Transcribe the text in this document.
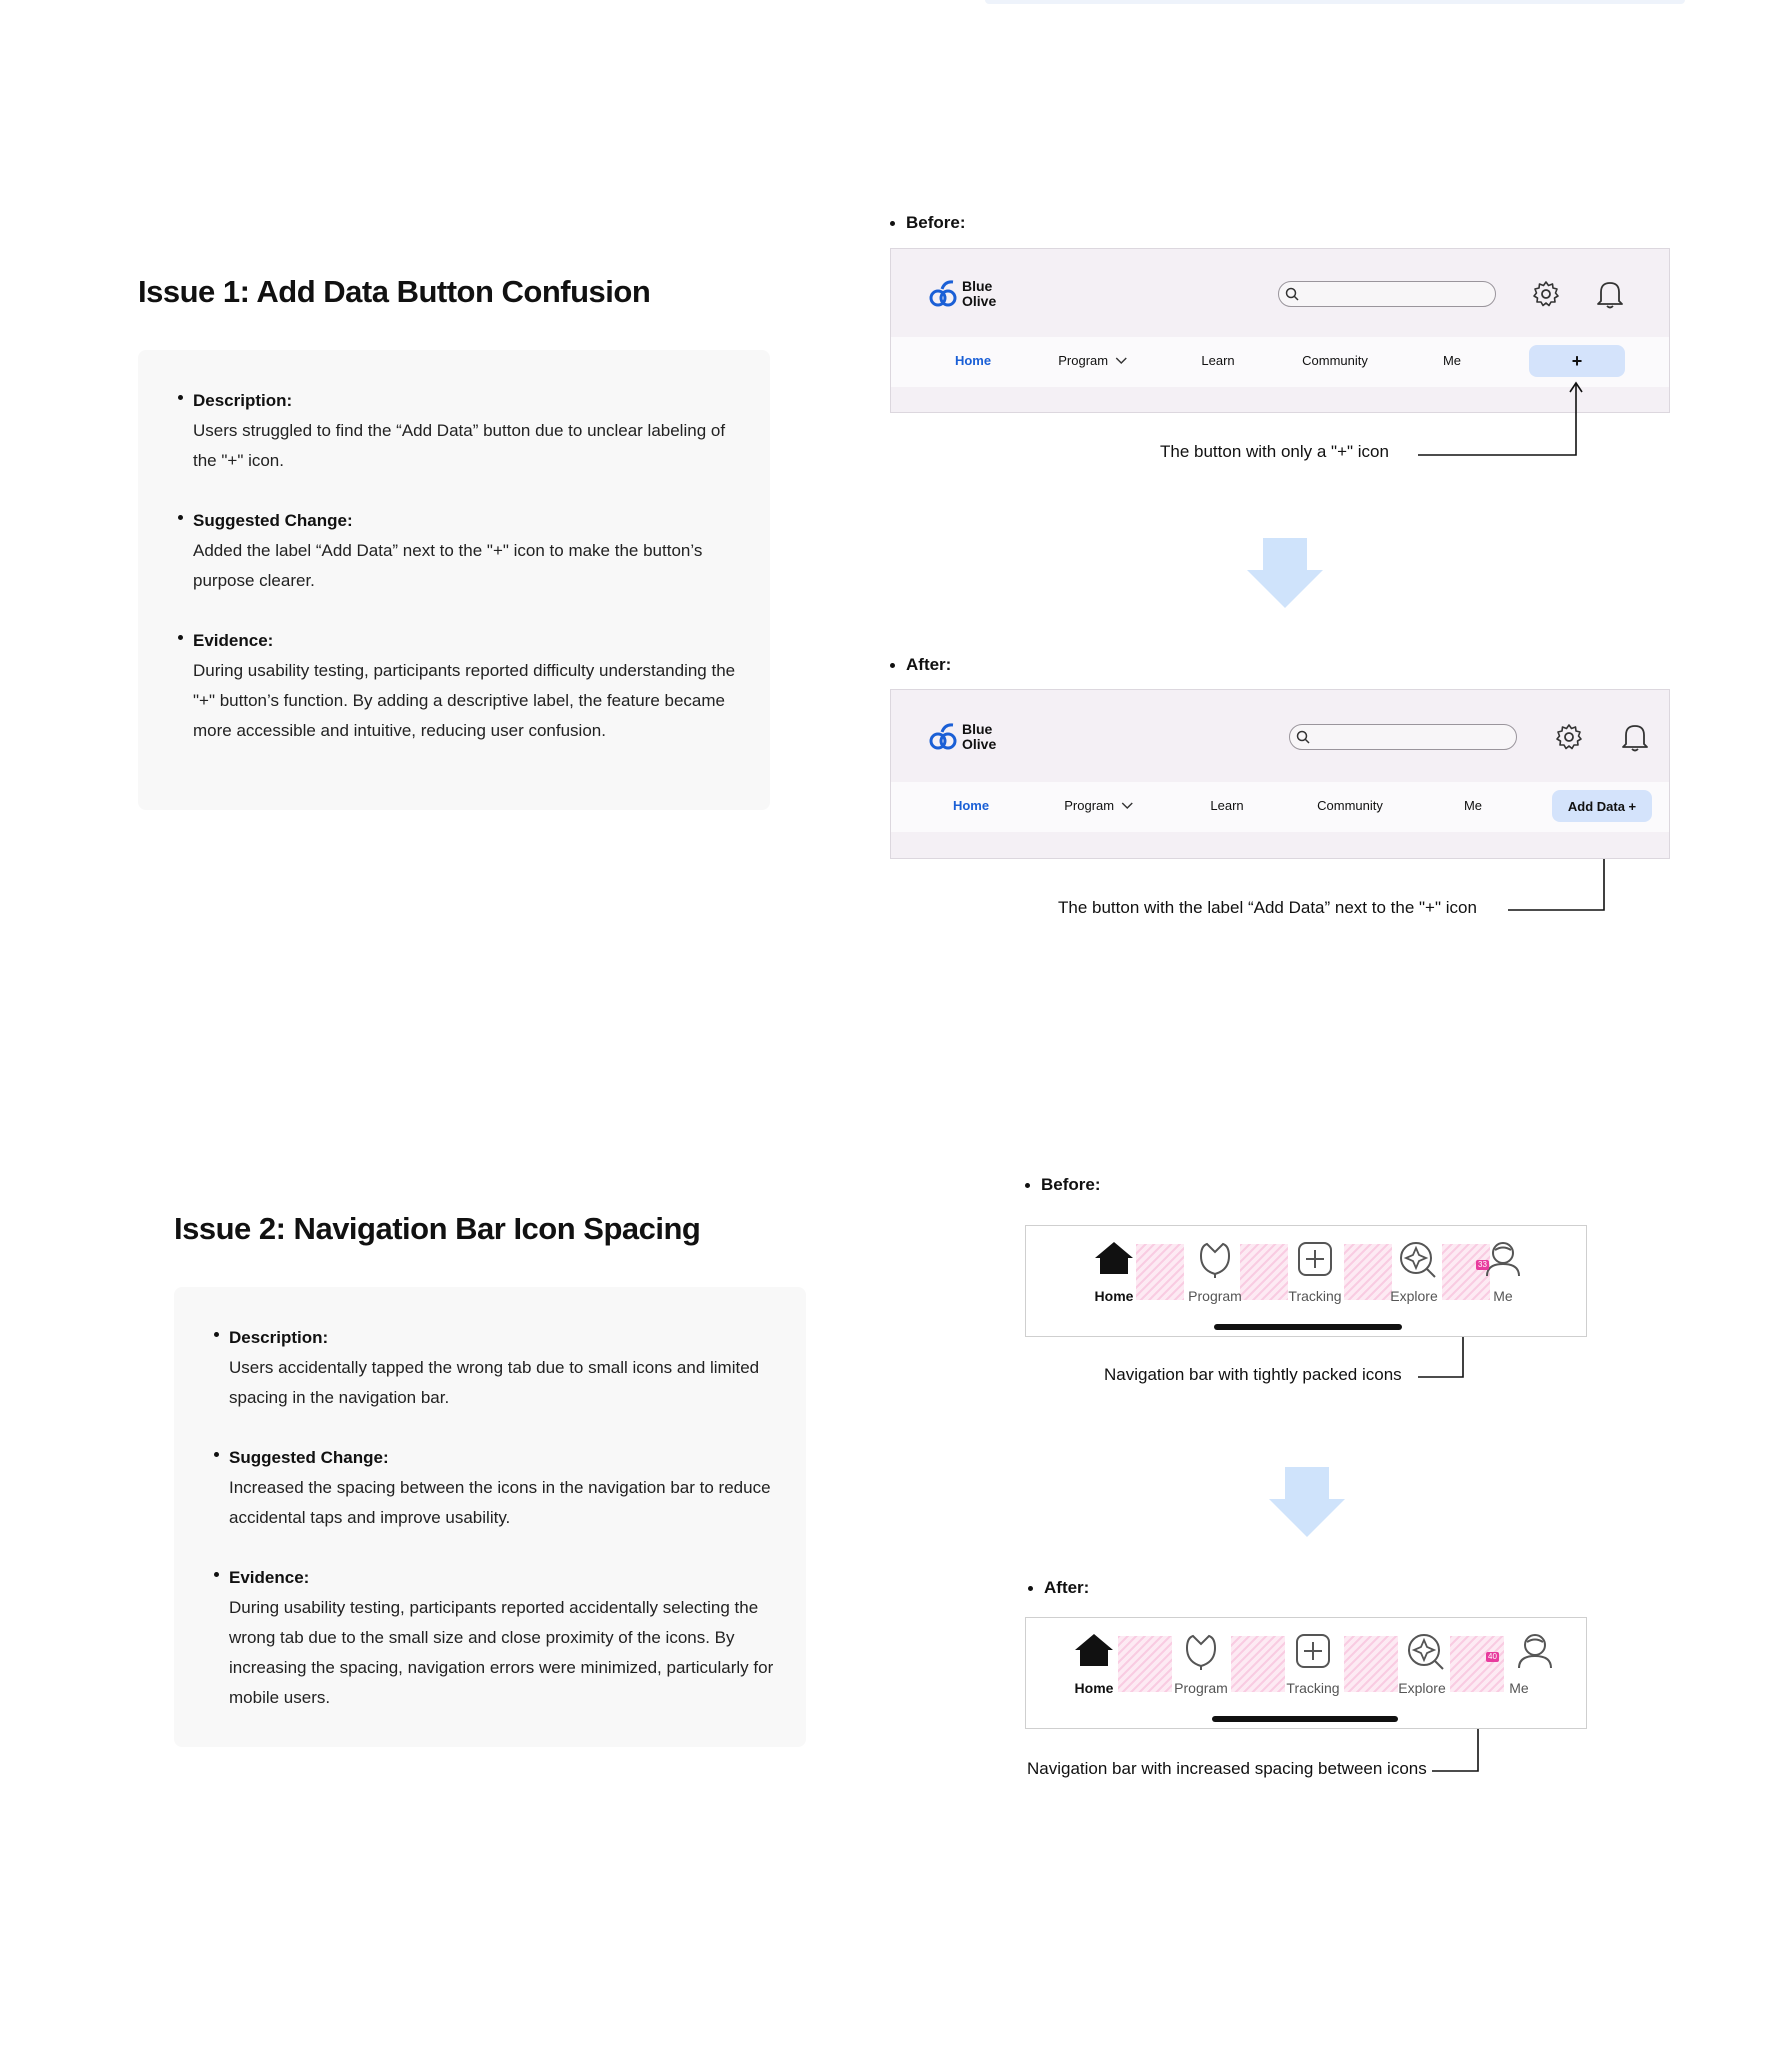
Issue 1: Add Data Button Confusion
Description:
Users struggled to find the “Add Data” button due to unclear labeling of the "+" icon.
Suggested Change:
Added the label “Add Data” next to the "+" icon to make the button’s purpose clearer.
Evidence:
During usability testing, participants reported difficulty understanding the "+" button’s function. By adding a descriptive label, the feature became more accessible and intuitive, reducing user confusion.
Before:
Blue
Olive
Home	Program	Learn	Community	Me	+
The button with only a "+" icon
After:
Blue
Olive
Home	Program	Learn	Community	Me	Add Data +
The button with the label “Add Data” next to the "+" icon
Issue 2: Navigation Bar Icon Spacing
Description:
Users accidentally tapped the wrong tab due to small icons and limited spacing in the navigation bar.
Suggested Change:
Increased the spacing between the icons in the navigation bar to reduce accidental taps and improve usability.
Evidence:
During usability testing, participants reported accidentally selecting the wrong tab due to the small size and close proximity of the icons. By increasing the spacing, navigation errors were minimized, particularly for mobile users.
Before:
Home	Program	Tracking	Explore
33
Me
Navigation bar with tightly packed icons
After:
Home	Program	Tracking	Explore
40
Me
Navigation bar with increased spacing between icons
